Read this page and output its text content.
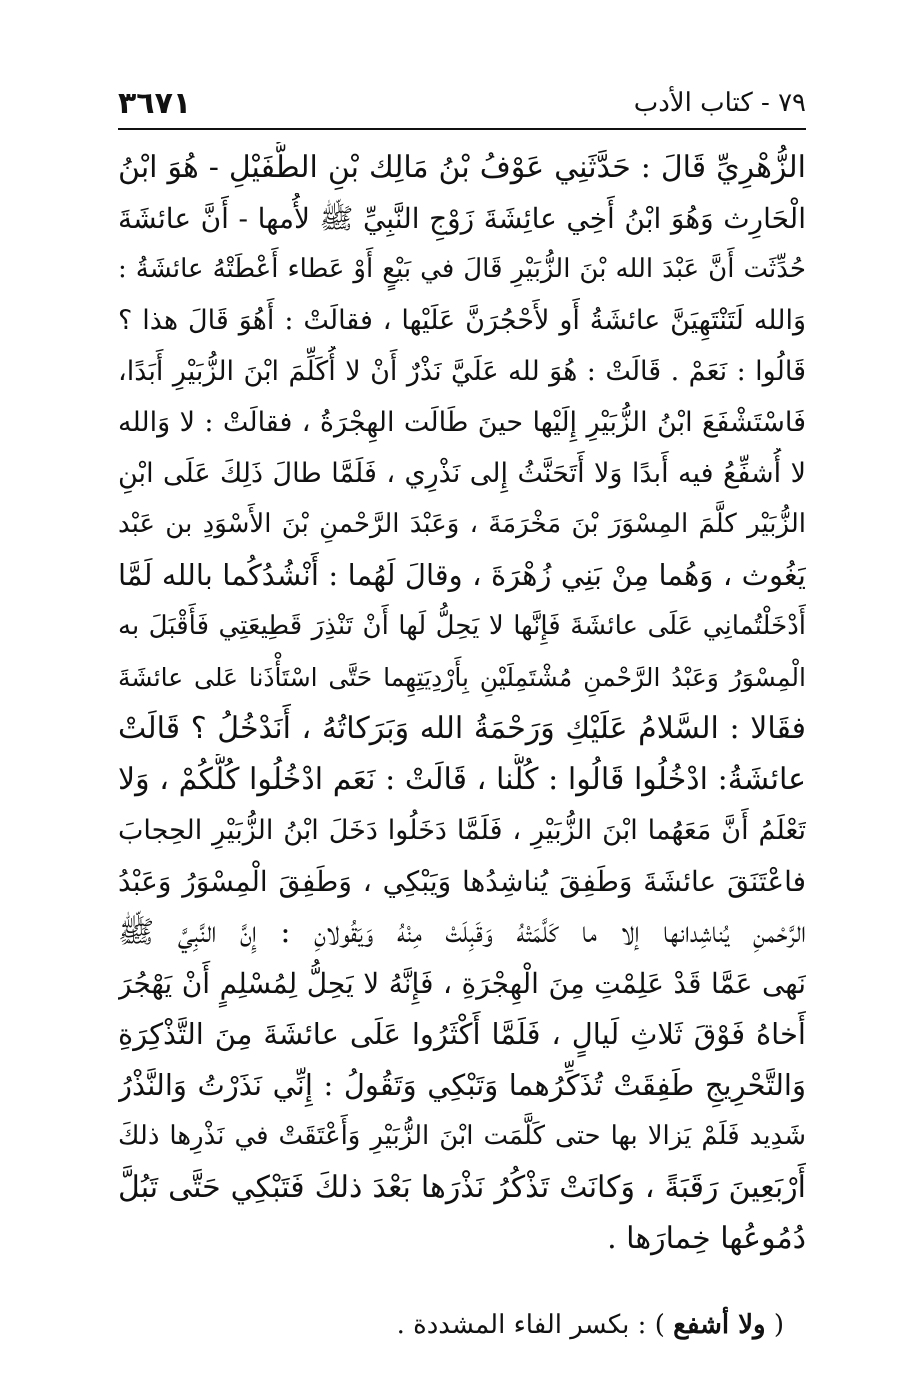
٣٦٧١	٧٩ - كتاب الأدب
الزُّهْرِيِّ قَالَ : حَدَّثَنِي عَوْفُ بْنُ مَالِك بْنِ الطُّفَيْلِ - هُوَ ابْنُ
الْحَارِث وَهُوَ ابْنُ أَخِي عائِشَةَ زَوْجِ النَّبِيِّ ﷺ لأُمها - أَنَّ عائشَةَ
حُدِّثَت أَنَّ عَبْدَ الله بْنَ الزُّبَيْرِ قَالَ في بَيْعٍ أَوْ عَطاء أَعْطَتْهُ عائشَةُ :
وَالله لَتَنْتَهِيَنَّ عائشَةُ أَو لأَحْجُرَنَّ عَلَيْها ، فقالَتْ : أَهُوَ قَالَ هذا ؟
قَالُوا : نَعَمْ . قَالَتْ : هُوَ لله عَلَيَّ نَذْرٌ أَنْ لا أُكَلِّمَ ابْنَ الزُّبَيْرِ أَبَدًا،
فَاسْتَشْفَعَ ابْنُ الزُّبَيْرِ إِلَيْها حينَ طَالَت الهِجْرَةُ ، فقالَتْ : لا وَالله
لا أُشفِّعُ فيه أَبدًا وَلا أَتَحَنَّثُ إِلى نَذْرِي ، فَلَمَّا طالَ ذَلِكَ عَلَى ابْنِ
الزُّبَيْر كلَّمَ المِسْوَرَ بْنَ مَخْرَمَةَ ، وَعَبْدَ الرَّحْمنِ بْنَ الأَسْوَدِ بن عَبْد
يَغُوث ، وَهُما مِنْ بَنِي زُهْرَةَ ، وقالَ لَهُما : أَنْشُدُكُما بالله لَمَّا
أَدْخَلْتُمانِي عَلَى عائشَةَ فَإِنَّها لا يَحِلُّ لَها أَنْ تَنْذِرَ قَطِيعَتِي فَأَقْبَلَ به
الْمِسْوَرُ وَعَبْدُ الرَّحْمنِ مُشْتَمِلَيْنِ بِأَرْدِيَتِهِما حَتَّى اسْتَأْذَنا عَلى عائشَةَ
فقَالا : السَّلامُ عَلَيْكِ وَرَحْمَةُ الله وَبَرَكاتُهُ ، أَنَدْخُلُ ؟ قَالَتْ
عائشَةُ: ادْخُلُوا قَالُوا : كُلُّنا ، قَالَتْ : نَعَم ادْخُلُوا كُلُّكُمْ ، وَلا
تَعْلَمُ أَنَّ مَعَهُما ابْنَ الزُّبَيْرِ ، فَلَمَّا دَخَلُوا دَخَلَ ابْنُ الزُّبَيْرِ الحِجابَ
فاعْتَنَقَ عائشَةَ وَطَفِقَ يُناشِدُها وَيَبْكِي ، وَطَفِقَ الْمِسْوَرُ وَعَبْدُ
الرَّحْمنِ يُناشِدانها إلا ما كَلَّمَتْهُ وَقَبِلَتْ مِنْهُ وَيَقُولانِ : إِنَّ النَّبِيَّ ﷺ
نَهى عَمَّا قَدْ عَلِمْتِ مِنَ الْهِجْرَةِ ، فَإِنَّهُ لا يَحِلُّ لِمُسْلِمٍ أَنْ يَهْجُرَ
أَخاهُ فَوْقَ ثَلاثِ لَيالٍ ، فَلَمَّا أَكْثَرُوا عَلَى عائشَةَ مِنَ التَّذْكِرَةِ
وَالتَّحْرِيجِ طَفِقَتْ تُذَكِّرُهما وَتَبْكِي وَتَقُولُ : إِنِّي نَذَرْتُ وَالنَّذْرُ
شَدِيد فَلَمْ يَزالا بها حتى كَلَّمَت ابْنَ الزُّبَيْرِ وَأَعْتَقَتْ في نَذْرِها ذلكَ
أَرْبَعِينَ رَقَبَةً ، وَكانَتْ تَذْكُرُ نَذْرَها بَعْدَ ذلكَ فَتَبْكِي حَتَّى تَبُلَّ
دُمُوعُها خِمارَها .
( ولا أشفع ) : بكسر الفاء المشددة .
